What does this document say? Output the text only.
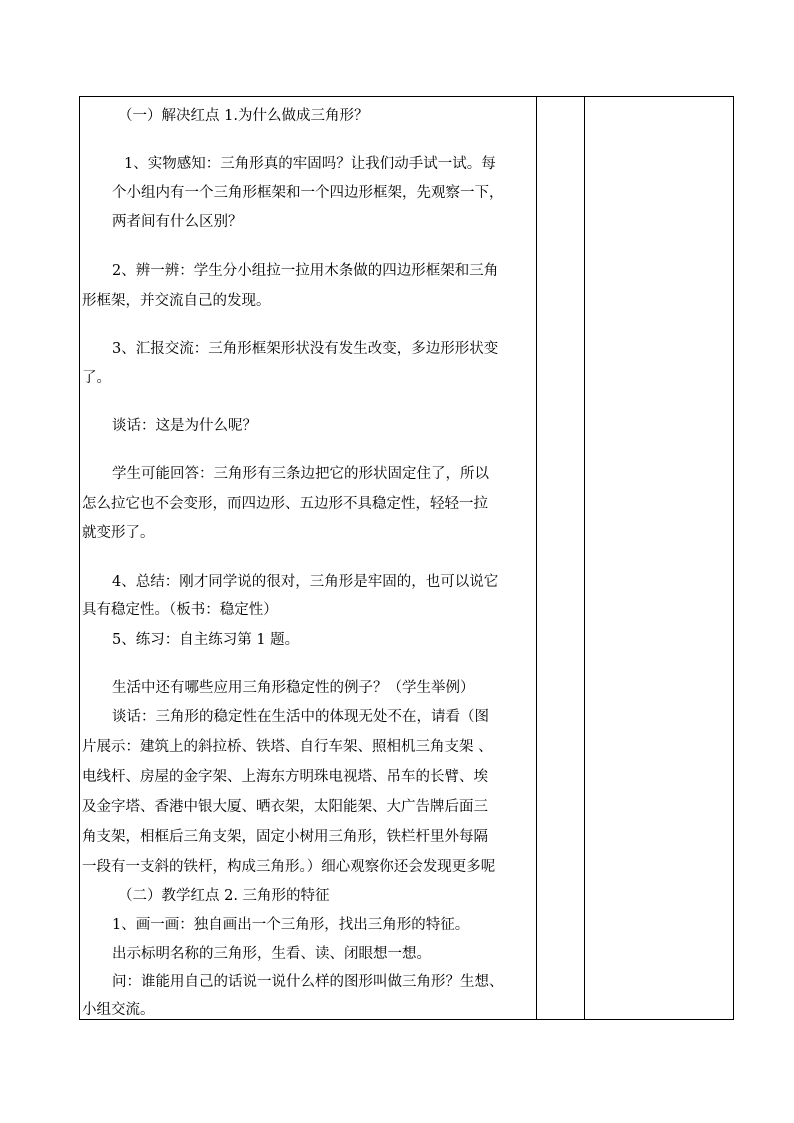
（一）解决红点 1.为什么做成三角形？
1、实物感知：三角形真的牢固吗？让我们动手试一试。每
个小组内有一个三角形框架和一个四边形框架，先观察一下，
两者间有什么区别？
2、辨一辨：学生分小组拉一拉用木条做的四边形框架和三角
形框架，并交流自己的发现。
3、汇报交流：三角形框架形状没有发生改变，多边形形状变
了。
谈话：这是为什么呢？
学生可能回答：三角形有三条边把它的形状固定住了，所以
怎么拉它也不会变形，而四边形、五边形不具稳定性，轻轻一拉
就变形了。
4、总结：刚才同学说的很对，三角形是牢固的，也可以说它
具有稳定性。（板书：稳定性）
5、练习：自主练习第 1 题。
生活中还有哪些应用三角形稳定性的例子？（学生举例）
谈话：三角形的稳定性在生活中的体现无处不在，请看（图
片展示：建筑上的斜拉桥、铁塔、自行车架、照相机三角支架 、
电线杆、房屋的金字架、上海东方明珠电视塔、吊车的长臂、埃
及金字塔、香港中银大厦、晒衣架，太阳能架、大广告牌后面三
角支架，相框后三角支架，固定小树用三角形，铁栏杆里外每隔
一段有一支斜的铁杆，构成三角形。）细心观察你还会发现更多呢
（二）教学红点 2. 三角形的特征
1、画一画：独自画出一个三角形，找出三角形的特征。
出示标明名称的三角形，生看、读、闭眼想一想。
问：谁能用自己的话说一说什么样的图形叫做三角形？生想、
小组交流。
